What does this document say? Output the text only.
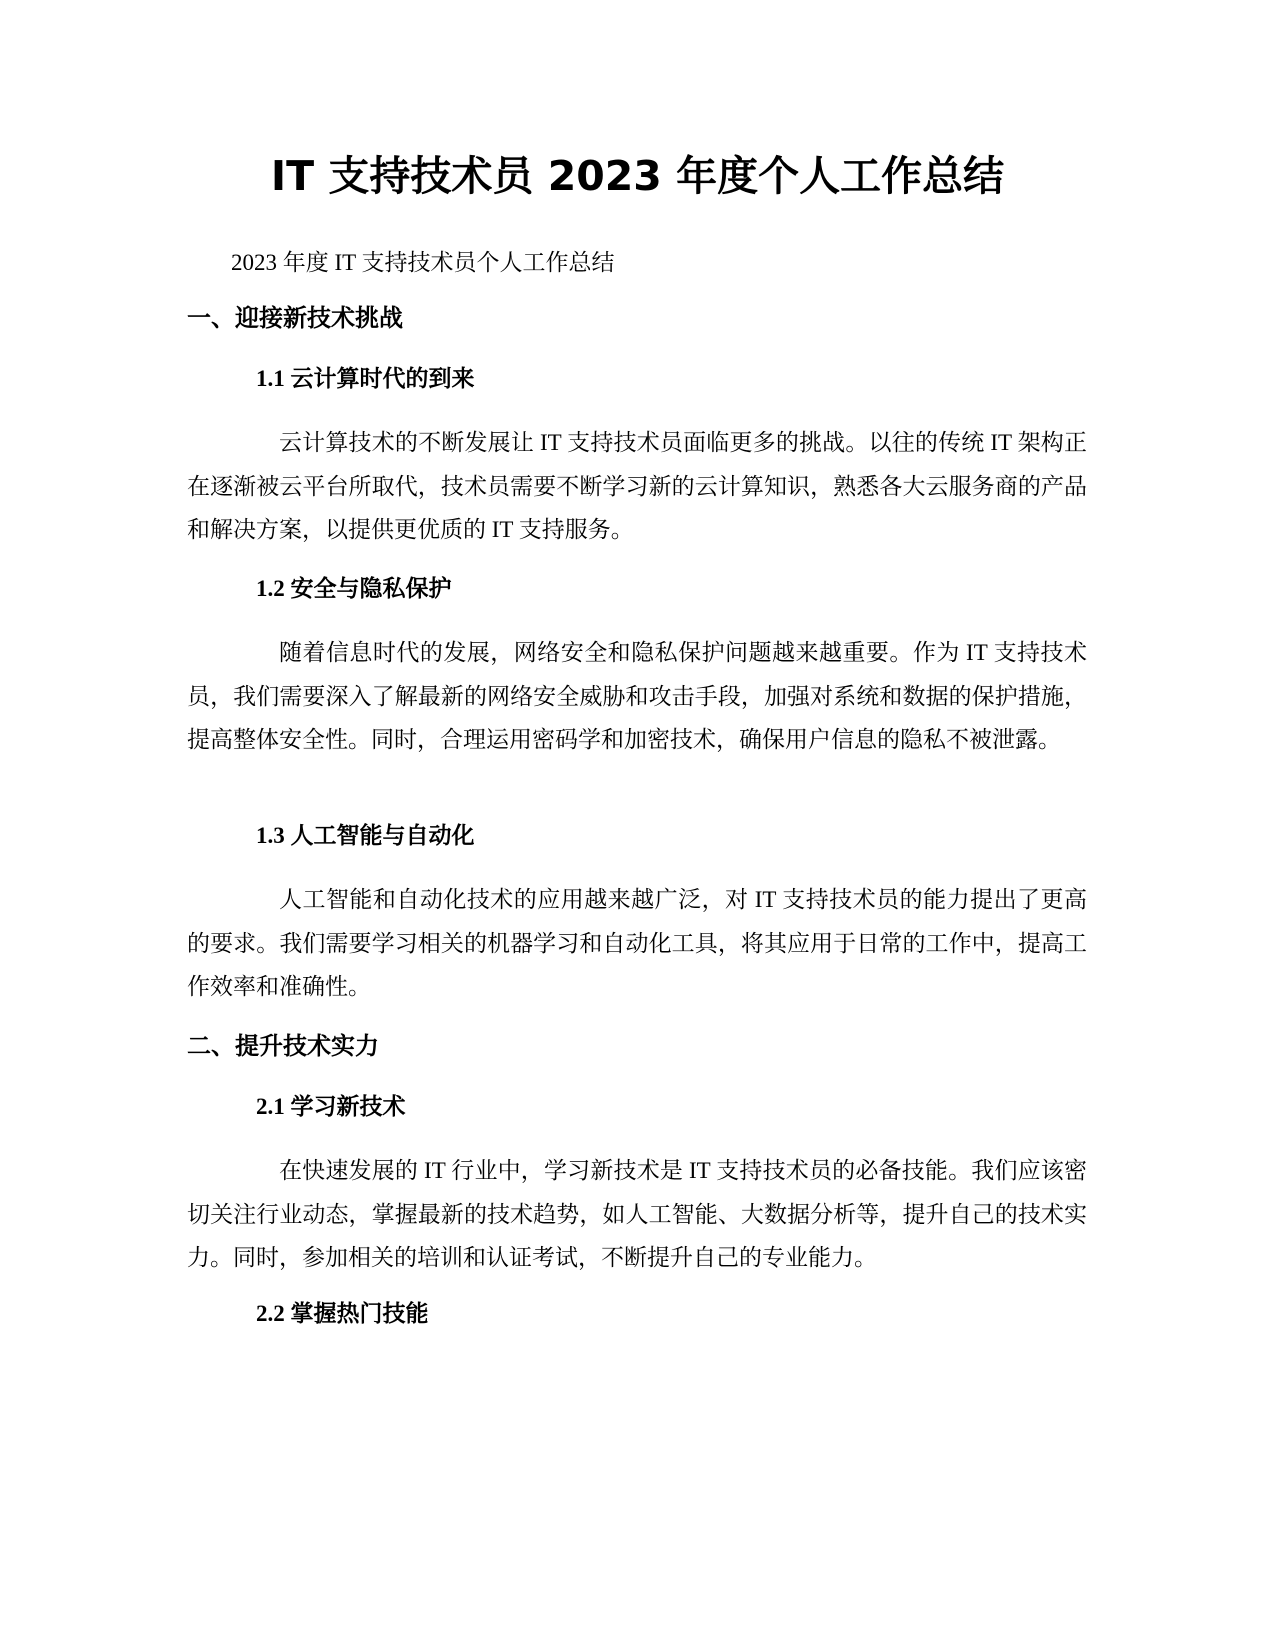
IT 支持技术员 2023 年度个人工作总结

2023 年度 IT 支持技术员个人工作总结

一、迎接新技术挑战
1.1 云计算时代的到来

云计算技术的不断发展让 IT 支持技术员面临更多的挑战。以往的传统 IT 架构正在逐渐被云平台所取代，技术员需要不断学习新的云计算知识，熟悉各大云服务商的产品和解决方案，以提供更优质的 IT 支持服务。

1.2 安全与隐私保护

随着信息时代的发展，网络安全和隐私保护问题越来越重要。作为 IT 支持技术员，我们需要深入了解最新的网络安全威胁和攻击手段，加强对系统和数据的保护措施，提高整体安全性。同时，合理运用密码学和加密技术，确保用户信息的隐私不被泄露。

1.3 人工智能与自动化

人工智能和自动化技术的应用越来越广泛，对 IT 支持技术员的能力提出了更高的要求。我们需要学习相关的机器学习和自动化工具，将其应用于日常的工作中，提高工作效率和准确性。

二、提升技术实力
2.1 学习新技术

在快速发展的 IT 行业中，学习新技术是 IT 支持技术员的必备技能。我们应该密切关注行业动态，掌握最新的技术趋势，如人工智能、大数据分析等，提升自己的技术实力。同时，参加相关的培训和认证考试，不断提升自己的专业能力。

2.2 掌握热门技能
